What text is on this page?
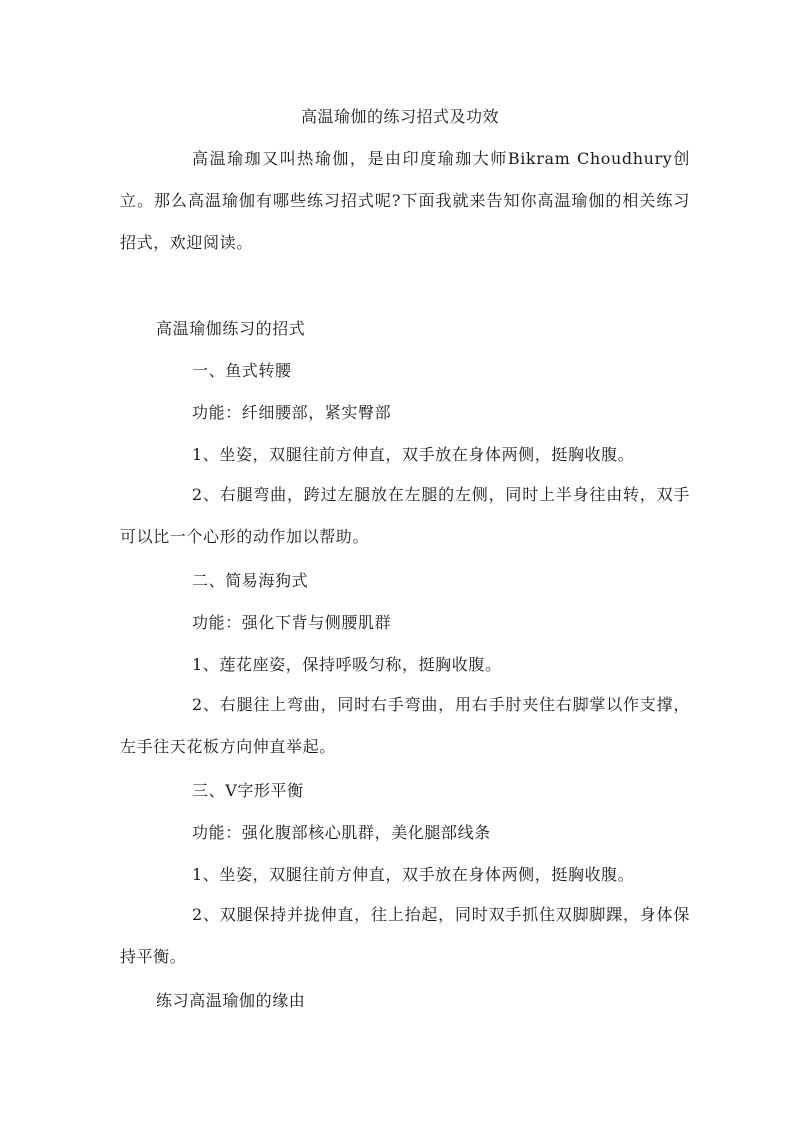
高温瑜伽的练习招式及功效

高温瑜珈又叫热瑜伽，是由印度瑜珈大师Bikram Choudhury创立。那么高温瑜伽有哪些练习招式呢?下面我就来告知你高温瑜伽的相关练习招式，欢迎阅读。

高温瑜伽练习的招式
一、鱼式转腰
功能：纤细腰部，紧实臀部
1、坐姿，双腿往前方伸直，双手放在身体两侧，挺胸收腹。

2、右腿弯曲，跨过左腿放在左腿的左侧，同时上半身往由转，双手可以比一个心形的动作加以帮助。

二、简易海狗式
功能：强化下背与侧腰肌群
1、莲花座姿，保持呼吸匀称，挺胸收腹。

2、右腿往上弯曲，同时右手弯曲，用右手肘夹住右脚掌以作支撑，左手往天花板方向伸直举起。

三、V字形平衡
功能：强化腹部核心肌群，美化腿部线条
1、坐姿，双腿往前方伸直，双手放在身体两侧，挺胸收腹。

2、双腿保持并拢伸直，往上抬起，同时双手抓住双脚脚踝，身体保持平衡。

练习高温瑜伽的缘由
